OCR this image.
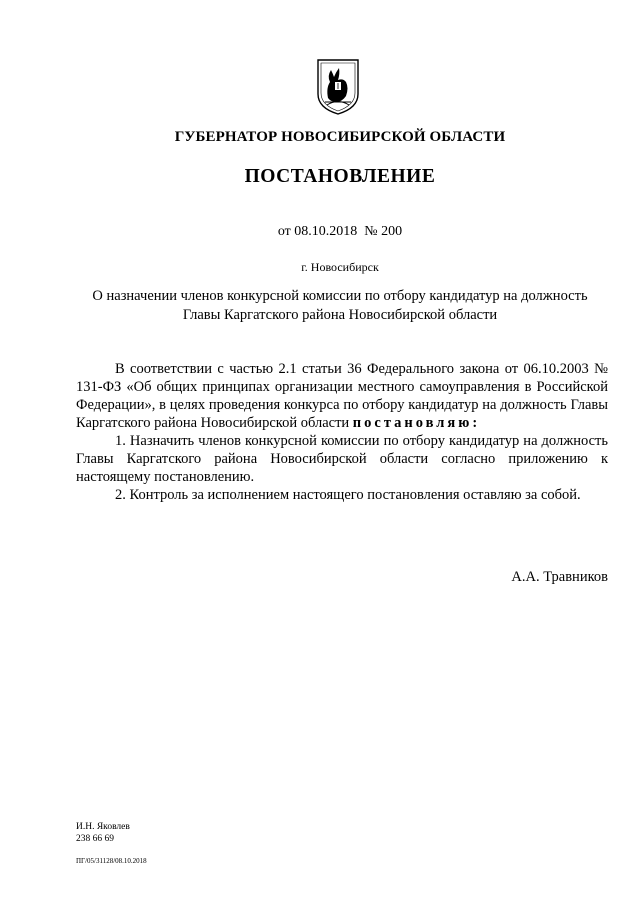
ГУБЕРНАТОР НОВОСИБИРСКОЙ ОБЛАСТИ
ПОСТАНОВЛЕНИЕ
от 08.10.2018 № 200
г. Новосибирск
О назначении членов конкурсной комиссии по отбору кандидатур на должность
Главы Каргатского района Новосибирской области

В соответствии с частью 2.1 статьи 36 Федерального закона от 06.10.2003 № 131-ФЗ «Об общих принципах организации местного самоуправления в Российской Федерации», в целях проведения конкурса по отбору кандидатур на должность Главы Каргатского района Новосибирской области постановляю:

1. Назначить членов конкурсной комиссии по отбору кандидатур на должность Главы Каргатского района Новосибирской области согласно приложению к настоящему постановлению.

2. Контроль за исполнением настоящего постановления оставляю за собой.

А.А. Травников
И.Н. Яковлев
238 66 69
ПГ/05/31128/08.10.2018
